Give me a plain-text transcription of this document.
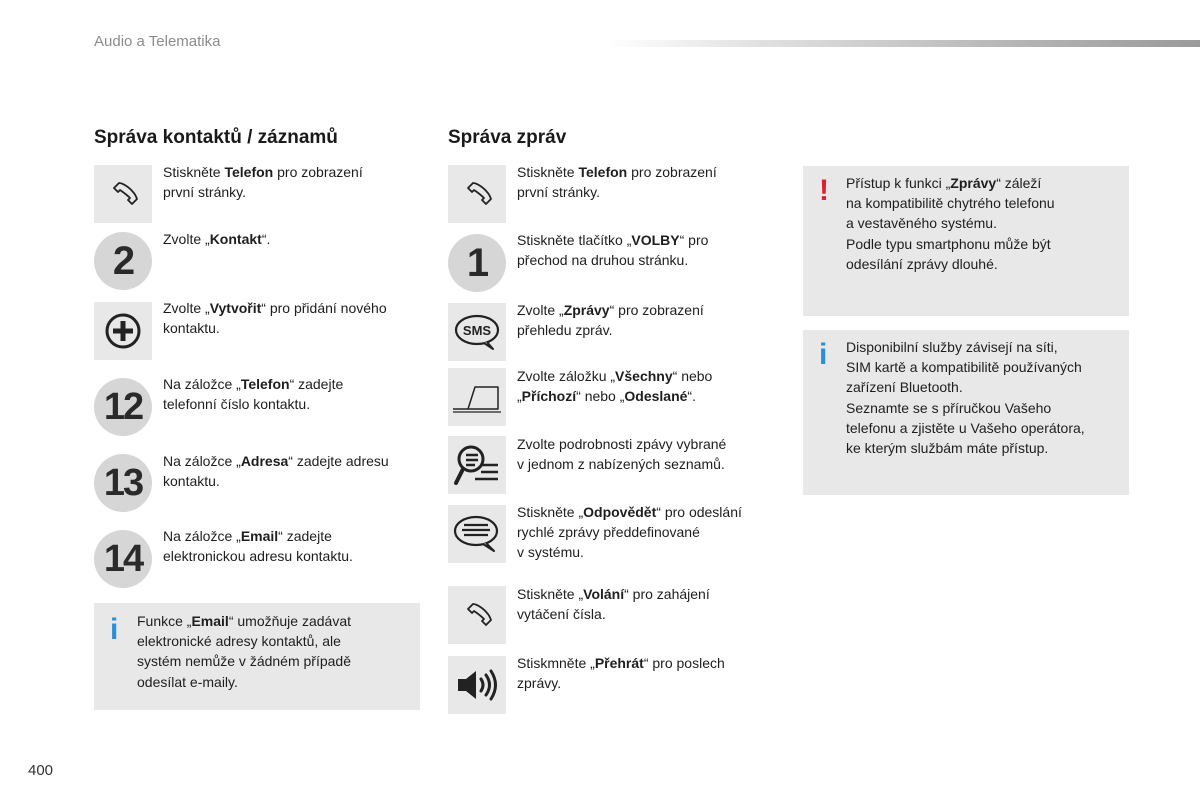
Audio a Telematika
Správa kontaktů / záznamů
Stiskněte Telefon pro zobrazení
první stránky.
2	Zvolte „Kontakt“.
Zvolte „Vytvořit“ pro přidání nového
kontaktu.
12
Na záložce „Telefon“ zadejte
telefonní číslo kontaktu.
13
Na záložce „Adresa“ zadejte adresu
kontaktu.
14
Na záložce „Email“ zadejte
elektronickou adresu kontaktu.
i Funkce „Email“ umožňuje zadávat
elektronické adresy kontaktů, ale
systém nemůže v žádném případě
odesílat e-maily.
Správa zpráv
Stiskněte Telefon pro zobrazení
první stránky.
1
Stiskněte tlačítko „VOLBY“ pro
přechod na druhou stránku.
SMS
Zvolte „Zprávy“ pro zobrazení
přehledu zpráv.
Zvolte záložku „Všechny“ nebo
„Příchozí“ nebo „Odeslané“.
Zvolte podrobnosti zpávy vybrané
v jednom z nabízených seznamů.
Stiskněte „Odpovědět“ pro odeslání
rychlé zprávy předdefinované
v systému.
Stiskněte „Volání“ pro zahájení
vytáčení čísla.
Stiskmněte „Přehrát“ pro poslech
zprávy.
! Přístup k funkci „Zprávy“ záleží
na kompatibilitě chytrého telefonu
a vestavěného systému.
Podle typu smartphonu může být
odesílání zprávy dlouhé.
i Disponibilní služby závisejí na síti,
SIM kartě a kompatibilitě používaných
zařízení Bluetooth.
Seznamte se s příručkou Vašeho
telefonu a zjistěte u Vašeho operátora,
ke kterým službám máte přístup.
400
